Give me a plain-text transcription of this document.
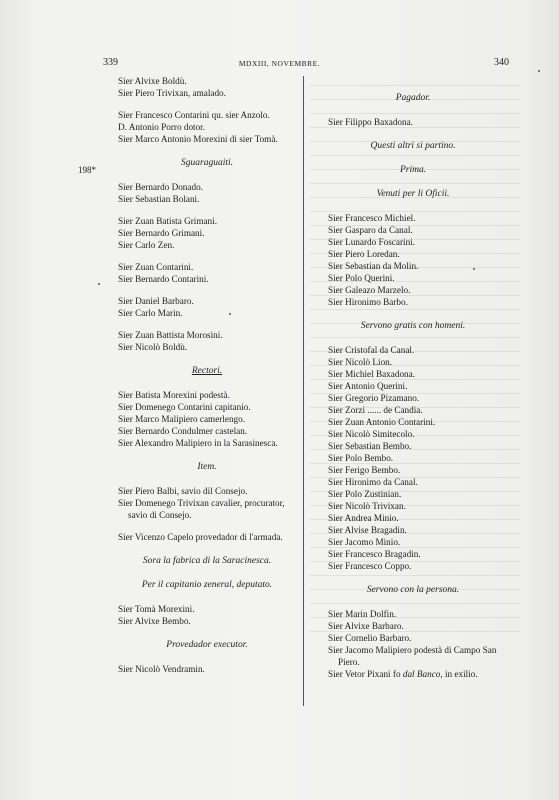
339	MDXIII, NOVEMBRE.	340
198*

Sier Alvixe Boldù.

Sier Piero Trivixan, amalado.

Sier Francesco Contarini qu. sier Anzolo.

D. Antonio Porro dotor.

Sier Marco Antonio Morexini di sier Tomà.

Sguaraguaiti.

Sier Bernardo Donado.

Sier Sebastian Bolani.

Sier Zuan Batista Grimani.

Sier Bernardo Grimani.

Sier Carlo Zen.

Sier Zuan Contarini.

Sier Bernardo Contarini.

Sier Daniel Barbaro.

Sier Carlo Marin.

Sier Zuan Battista Morosini.

Sier Nicolò Boldù.

Rectori.

Sier Batista Morexini podestà.

Sier Domenego Contarini capitanio.

Sier Marco Malipiero camerlengo.

Sier Bernardo Condulmer castelan.

Sier Alexandro Malipiero in la Sarasinesca.

Item.

Sier Piero Balbi, savio dil Consejo.

Sier Domenego Trivixan cavalier, procurator, savio di Consejo.

Sier Vicenzo Capelo provedador di l'armada.

Sora la fabrica di la Saracinesca.

Per il capitanio zeneral, deputato.

Sier Tomà Morexini.

Sier Alvixe Bembo.

Provedador executor.

Sier Nicolò Vendramin.

Pagador.

Sier Filippo Baxadona.

Questi altri si partino.

Prima.

Venuti per li Oficii.

Sier Francesco Michiel.

Sier Gasparo da Canal.

Sier Lunardo Foscarini.

Sier Piero Loredan.

Sier Sebastian da Molin.

Sier Polo Querini.

Sier Galeazo Marzelo.

Sier Hironimo Barbo.

Servono gratis con homeni.

Sier Cristofal da Canal.

Sier Nicolò Lion.

Sier Michiel Baxadona.

Sier Antonio Querini.

Sier Gregorio Pizamano.

Sier Zorzi ...... de Candia.

Sier Zuan Antonio Contarini.

Sier Nicolò Simitecolo.

Sier Sebastian Bembo.

Sier Polo Bembo.

Sier Ferigo Bembo.

Sier Hironimo da Canal.

Sier Polo Zustinian.

Sier Nicolò Trivixan.

Sier Andrea Minio.

Sier Alvise Bragadin.

Sier Jacomo Minio.

Sier Francesco Bragadin.

Sier Francesco Coppo.

Servono con la persona.

Sier Marin Dolfin.

Sier Alvixe Barbaro.

Sier Cornelio Barbaro.

Sier Jacomo Malipiero podestà di Campo San Piero.

Sier Vetor Pixani fo dal Banco, in exilio.
